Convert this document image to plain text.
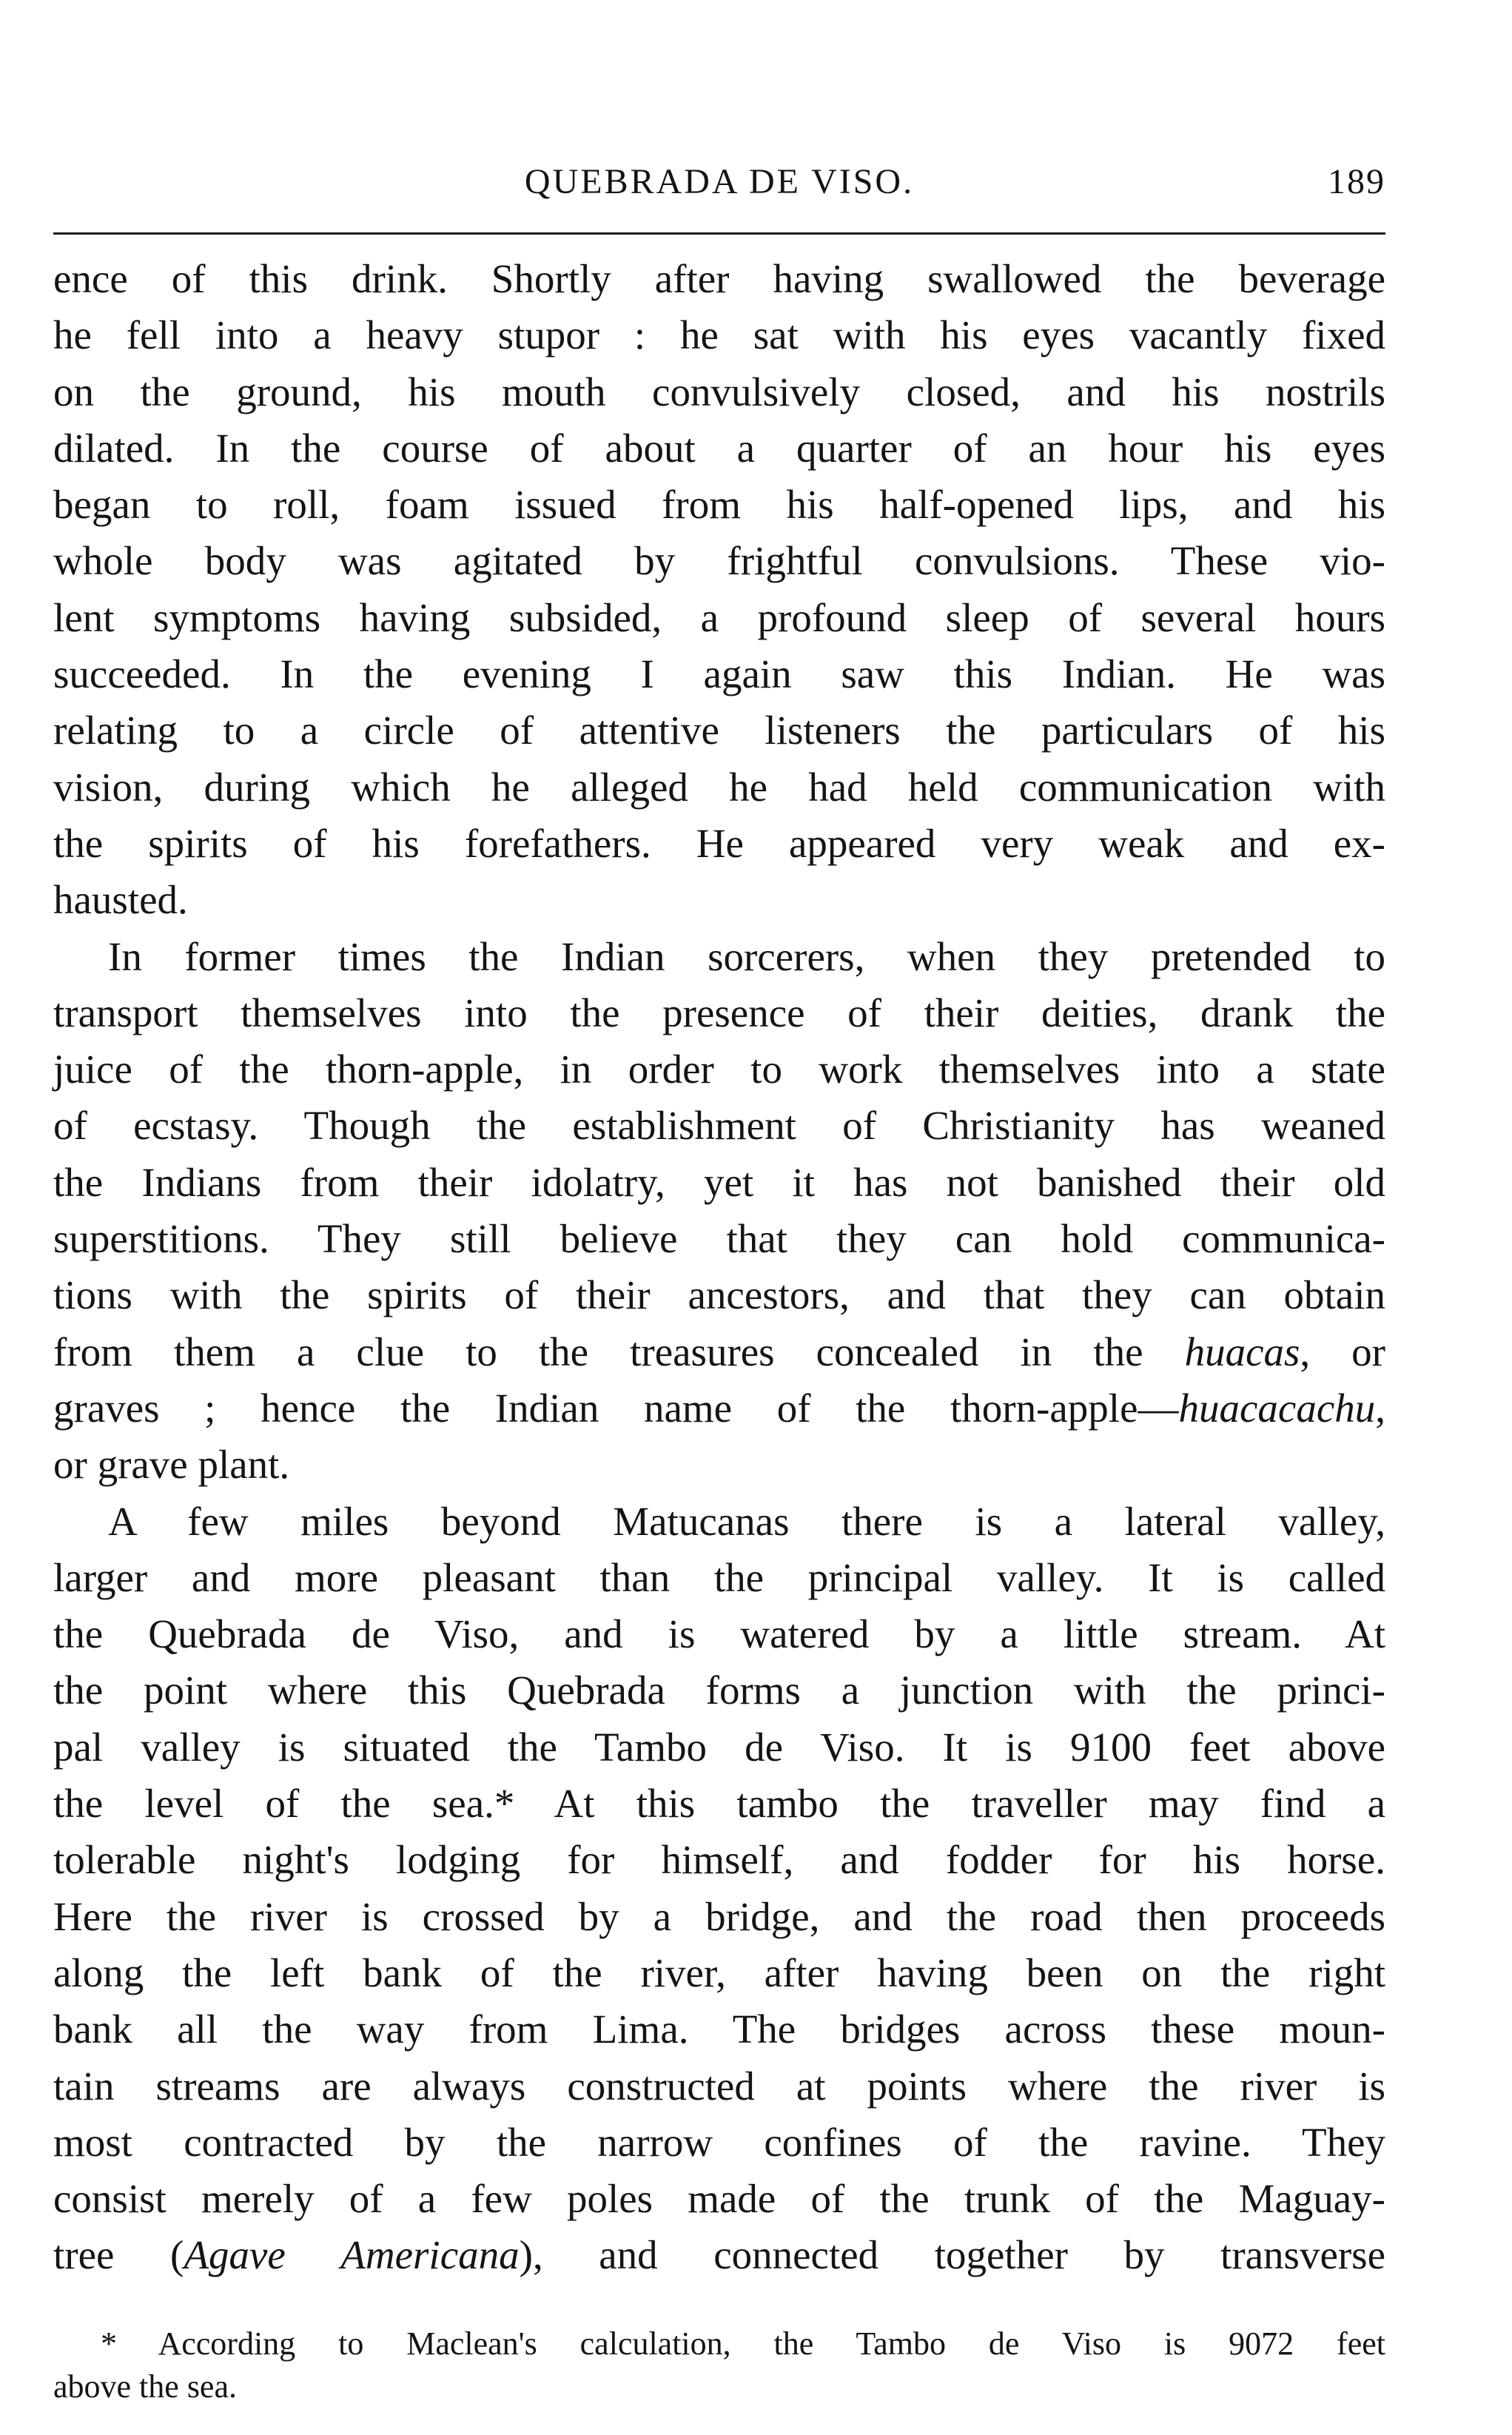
QUEBRADA DE VISO.	189
ence of this drink. Shortly after having swallowed the beverage
he fell into a heavy stupor : he sat with his eyes vacantly fixed
on the ground, his mouth convulsively closed, and his nostrils
dilated. In the course of about a quarter of an hour his eyes
began to roll, foam issued from his half-opened lips, and his
whole body was agitated by frightful convulsions. These vio-
lent symptoms having subsided, a profound sleep of several hours
succeeded. In the evening I again saw this Indian. He was
relating to a circle of attentive listeners the particulars of his
vision, during which he alleged he had held communication with
the spirits of his forefathers. He appeared very weak and ex-
hausted.
In former times the Indian sorcerers, when they pretended to
transport themselves into the presence of their deities, drank the
juice of the thorn-apple, in order to work themselves into a state
of ecstasy. Though the establishment of Christianity has weaned
the Indians from their idolatry, yet it has not banished their old
superstitions. They still believe that they can hold communica-
tions with the spirits of their ancestors, and that they can obtain
from them a clue to the treasures concealed in the huacas, or
graves ; hence the Indian name of the thorn-apple—huacacachu,
or grave plant.
A few miles beyond Matucanas there is a lateral valley,
larger and more pleasant than the principal valley. It is called
the Quebrada de Viso, and is watered by a little stream. At
the point where this Quebrada forms a junction with the princi-
pal valley is situated the Tambo de Viso. It is 9100 feet above
the level of the sea.* At this tambo the traveller may find a
tolerable night's lodging for himself, and fodder for his horse.
Here the river is crossed by a bridge, and the road then proceeds
along the left bank of the river, after having been on the right
bank all the way from Lima. The bridges across these moun-
tain streams are always constructed at points where the river is
most contracted by the narrow confines of the ravine. They
consist merely of a few poles made of the trunk of the Maguay-
tree (Agave Americana), and connected together by transverse
* According to Maclean's calculation, the Tambo de Viso is 9072 feet
above the sea.
